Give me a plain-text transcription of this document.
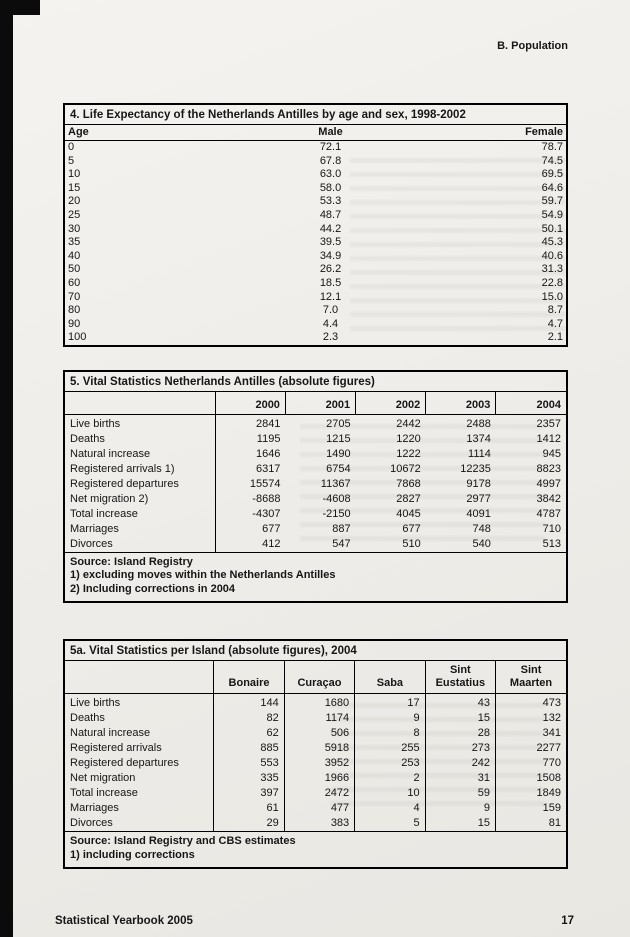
B. Population
4. Life Expectancy of the Netherlands Antilles by age and sex, 1998-2002
Age	Male	Female
0	72.1	78.7
5	67.8	74.5
10	63.0	69.5
15	58.0	64.6
20	53.3	59.7
25	48.7	54.9
30	44.2	50.1
35	39.5	45.3
40	34.9	40.6
50	26.2	31.3
60	18.5	22.8
70	12.1	15.0
80	7.0	8.7
90	4.4	4.7
100	2.3	2.1
5. Vital Statistics Netherlands Antilles (absolute figures)
	2000	2001	2002	2003	2004
Live births	2841	2705	2442	2488	2357
Deaths	1195	1215	1220	1374	1412
Natural increase	1646	1490	1222	1114	945
Registered arrivals 1)	6317	6754	10672	12235	8823
Registered departures	15574	11367	7868	9178	4997
Net migration 2)	-8688	-4608	2827	2977	3842
Total increase	-4307	-2150	4045	4091	4787
Marriages	677	887	677	748	710
Divorces	412	547	510	540	513
Source: Island Registry
1) excluding moves within the Netherlands Antilles
2) Including corrections in 2004
5a. Vital Statistics per Island (absolute figures), 2004
	Bonaire	Curaçao	Saba	Sint Eustatius	Sint Maarten
Live births	144	1680	17	43	473
Deaths	82	1174	9	15	132
Natural increase	62	506	8	28	341
Registered arrivals	885	5918	255	273	2277
Registered departures	553	3952	253	242	770
Net migration	335	1966	2	31	1508
Total increase	397	2472	10	59	1849
Marriages	61	477	4	9	159
Divorces	29	383	5	15	81
Source: Island Registry and CBS estimates
1) including corrections
Statistical Yearbook 2005	17
